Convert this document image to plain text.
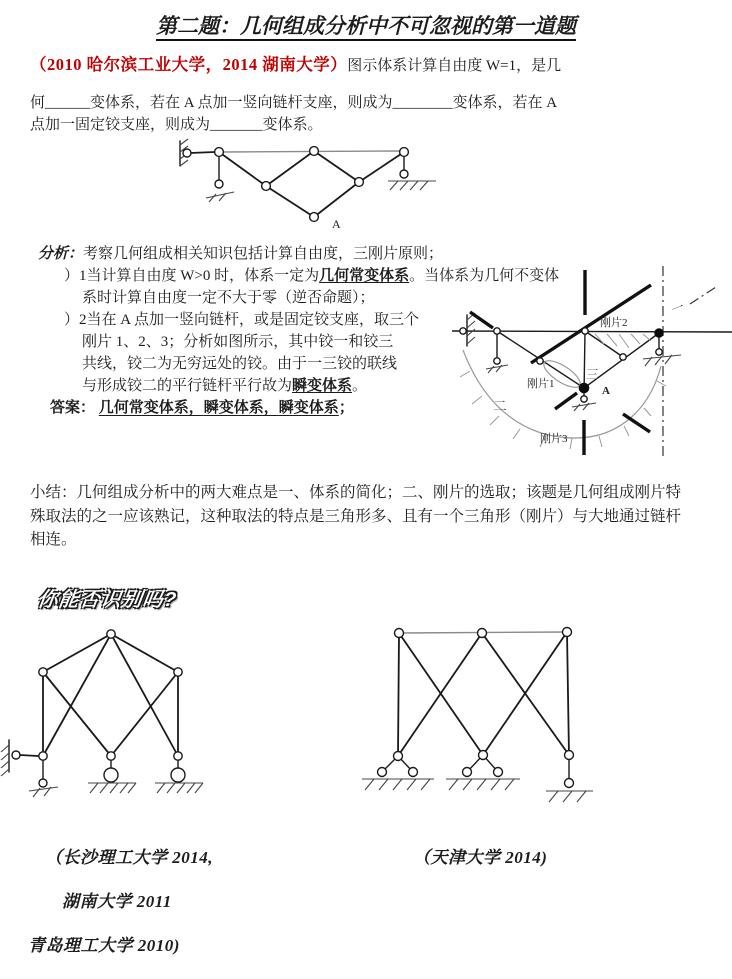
第二题：几何组成分析中不可忽视的第一道题
（2010 哈尔滨工业大学，2014 湖南大学）图示体系计算自由度 W=1，是几
何______变体系，若在 A 点加一竖向链杆支座，则成为________变体系，若在 A
点加一固定铰支座，则成为_______变体系。
A
分析：考察几何组成相关知识包括计算自由度，三刚片原则；
）1当计算自由度 W>0 时，体系一定为几何常变体系。当体系为几何不变体
系时计算自由度一定不大于零（逆否命题）；
）2当在 A 点加一竖向链杆，或是固定铰支座，取三个
刚片 1、2、3；分析如图所示，其中铰一和铰三
共线，铰二为无穷远处的铰。由于一三铰的联线
与形成铰二的平行链杆平行故为瞬变体系。
答案： 几何常变体系，瞬变体系，瞬变体系；
刚片2
刚片1
刚片3
A
三
二
一
小结：几何组成分析中的两大难点是一、体系的简化；二、刚片的选取；该题是几何组成刚片特殊取法的之一应该熟记，这种取法的特点是三角形多、且有一个三角形（刚片）与大地通过链杆相连。
你能否识别吗?
（长沙理工大学 2014,
湖南大学 2011
青岛理工大学 2010)
（天津大学 2014)
